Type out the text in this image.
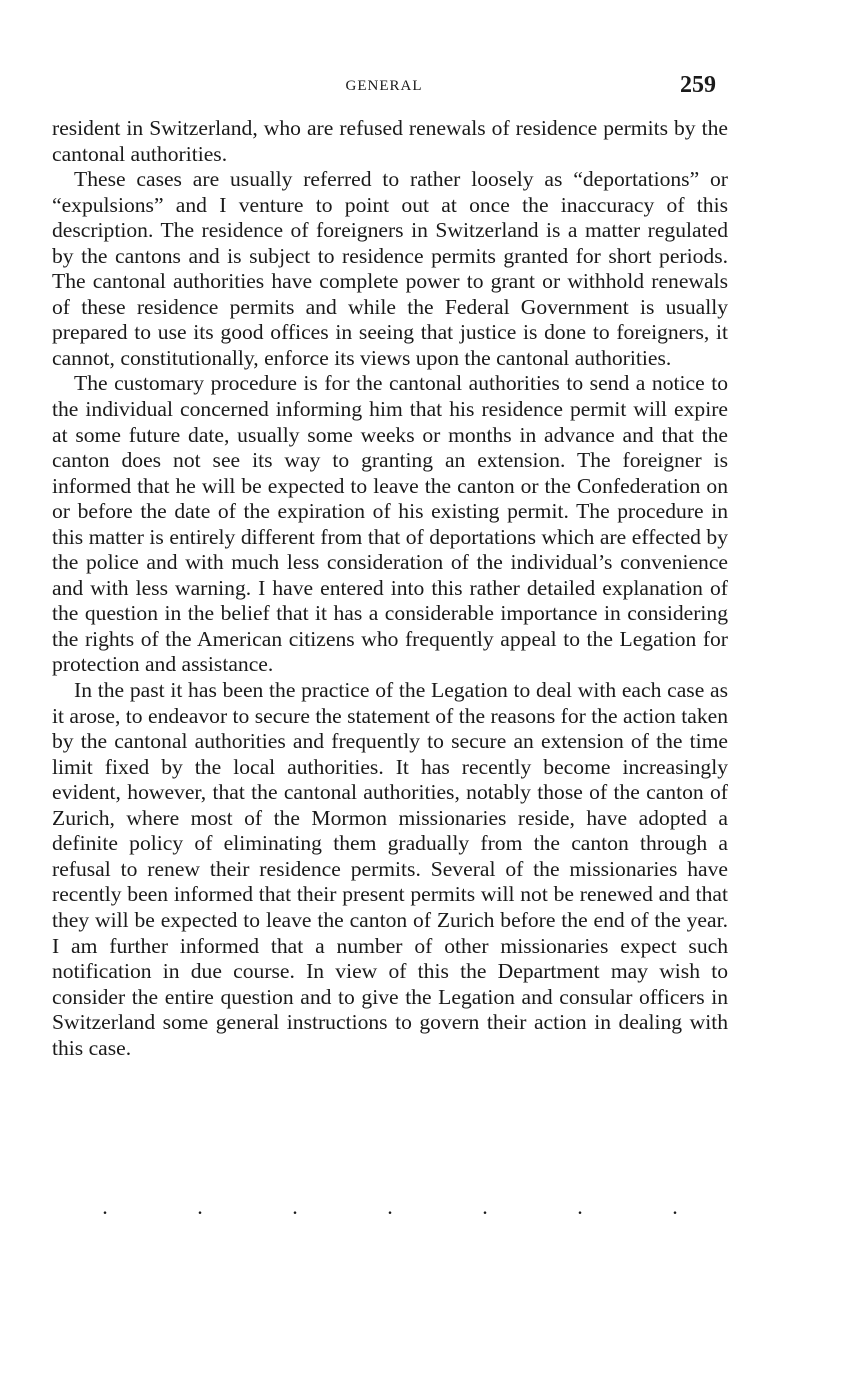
GENERAL	259

resident in Switzerland, who are refused renewals of residence permits by the cantonal authorities.

These cases are usually referred to rather loosely as “deportations” or “expulsions” and I venture to point out at once the inaccuracy of this description. The residence of foreigners in Switzerland is a matter regulated by the cantons and is subject to residence permits granted for short periods. The cantonal authorities have complete power to grant or withhold renewals of these residence permits and while the Federal Government is usually prepared to use its good offices in seeing that justice is done to foreigners, it cannot, constitutionally, enforce its views upon the cantonal authorities.

The customary procedure is for the cantonal authorities to send a notice to the individual concerned informing him that his residence permit will expire at some future date, usually some weeks or months in advance and that the canton does not see its way to granting an extension. The foreigner is informed that he will be expected to leave the canton or the Confederation on or before the date of the expiration of his existing permit. The procedure in this matter is entirely different from that of deportations which are effected by the police and with much less consideration of the individual’s convenience and with less warning. I have entered into this rather detailed explanation of the question in the belief that it has a considerable importance in considering the rights of the American citizens who frequently appeal to the Legation for protection and assistance.

In the past it has been the practice of the Legation to deal with each case as it arose, to endeavor to secure the statement of the reasons for the action taken by the cantonal authorities and frequently to secure an extension of the time limit fixed by the local authorities. It has recently become increasingly evident, however, that the cantonal authorities, notably those of the canton of Zurich, where most of the Mormon missionaries reside, have adopted a definite policy of eliminating them gradually from the canton through a refusal to renew their residence permits. Several of the missionaries have recently been informed that their present permits will not be renewed and that they will be expected to leave the canton of Zurich before the end of the year. I am further informed that a number of other missionaries expect such notification in due course. In view of this the Department may wish to consider the entire question and to give the Legation and consular officers in Switzerland some general instructions to govern their action in dealing with this case.

.	.	.	.	.	.	.
